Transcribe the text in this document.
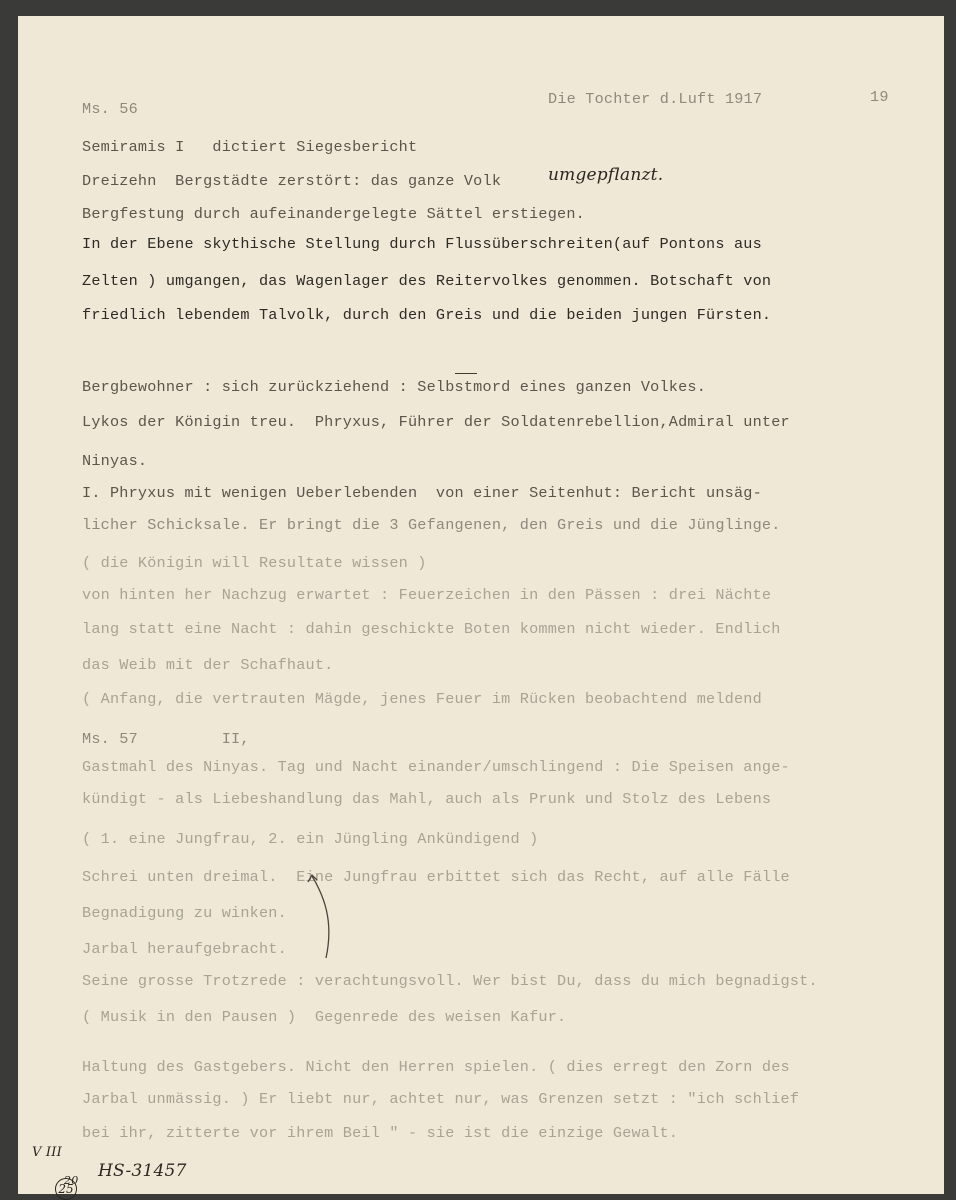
Ms. 56
Die Tochter d.Luft 1917	19
Semiramis I   dictiert Siegesbericht
Dreizehn  Bergstädte zerstört: das ganze Volk	umgepflanzt.
Bergfestung durch aufeinandergelegte Sättel erstiegen.
In der Ebene skythische Stellung durch Flussüberschreiten(auf Pontons aus
Zelten ) umgangen, das Wagenlager des Reitervolkes genommen. Botschaft von
friedlich lebendem Talvolk, durch den Greis und die beiden jungen Fürsten.
Bergbewohner : sich zurückziehend : Selbstmord eines ganzen Volkes.
Lykos der Königin treu.  Phryxus, Führer der Soldatenrebellion,Admiral unter
Ninyas.
I. Phryxus mit wenigen Ueberlebenden  von einer Seitenhut: Bericht unsäg-
licher Schicksale. Er bringt die 3 Gefangenen, den Greis und die Jünglinge.
( die Königin will Resultate wissen )
von hinten her Nachzug erwartet : Feuerzeichen in den Pässen : drei Nächte
lang statt eine Nacht : dahin geschickte Boten kommen nicht wieder. Endlich
das Weib mit der Schafhaut.
( Anfang, die vertrauten Mägde, jenes Feuer im Rücken beobachtend meldend
Ms. 57         II,
Gastmahl des Ninyas. Tag und Nacht einander/umschlingend : Die Speisen ange-
kündigt - als Liebeshandlung das Mahl, auch als Prunk und Stolz des Lebens
( 1. eine Jungfrau, 2. ein Jüngling Ankündigend )
Schrei unten dreimal.  Eine Jungfrau erbittet sich das Recht, auf alle Fälle
Begnadigung zu winken.
Jarbal heraufgebracht.
Seine grosse Trotzrede : verachtungsvoll. Wer bist Du, dass du mich begnadigst.
( Musik in den Pausen )  Gegenrede des weisen Kafur.
Haltung des Gastgebers. Nicht den Herren spielen. ( dies erregt den Zorn des
Jarbal unmässig. ) Er liebt nur, achtet nur, was Grenzen setzt : "ich schlief
bei ihr, zitterte vor ihrem Beil " - sie ist die einzige Gewalt.
V III
25
20 HS-31457
